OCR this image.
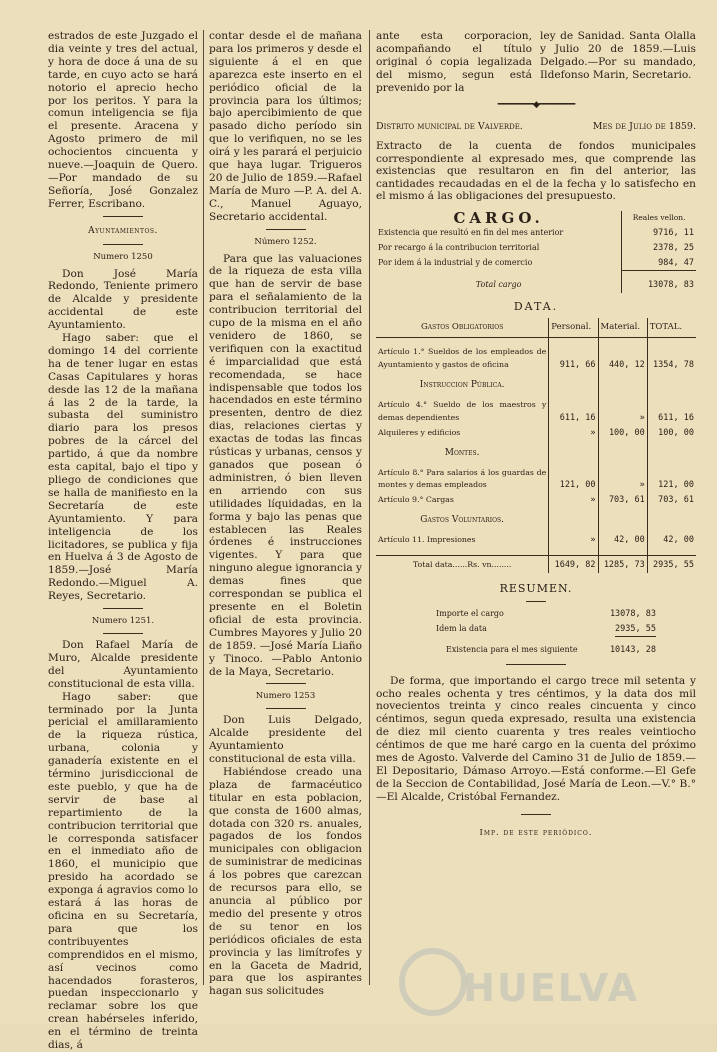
estrados de este Juzgado el dia veinte y tres del actual, y hora de doce á una de su tarde, en cuyo acto se hará notorio el aprecio hecho por los peritos. Y para la comun inteligencia se fija el presente. Aracena y Agosto primero de mil ochocientos cincuenta y nueve.—Joaquin de Quero. —Por mandado de su Señoría, José Gonzalez Ferrer, Escribano.

Ayuntamientos.

Numero 1250

Don José María Redondo, Teniente primero de Alcalde y presidente accidental de este Ayuntamiento.

Hago saber: que el domingo 14 del corriente ha de tener lugar en estas Casas Capitulares y horas desde las 12 de la mañana á las 2 de la tarde, la subasta del suministro diario para los presos pobres de la cárcel del partido, á que da nombre esta capital, bajo el tipo y pliego de condiciones que se halla de manifiesto en la Secretaría de este Ayuntamiento. Y para inteligencia de los licitadores, se publica y fija en Huelva á 3 de Agosto de 1859.—José María Redondo.—Miguel A. Reyes, Secretario.

Numero 1251.

Don Rafael María de Muro, Alcalde presidente del Ayuntamiento constitucional de esta villa.

Hago saber: que terminado por la Junta pericial el amillaramiento de la riqueza rústica, urbana, colonia y ganadería existente en el término jurisdiccional de este pueblo, y que ha de servir de base al repartimiento de la contribucion territorial que le corresponda satisfacer en el inmediato año de 1860, el municipio que presido ha acordado se exponga á agravios como lo estará á las horas de oficina en su Secretaría, para que los contribuyentes comprendidos en el mismo, así vecinos como hacendados forasteros, puedan inspeccionarlo y reclamar sobre los que crean habérseles inferido, en el término de treinta dias, á

contar desde el de mañana para los primeros y desde el siguiente á el en que aparezca este inserto en el periódico oficial de la provincia para los últimos; bajo apercibimiento de que pasado dicho período sin que lo verifiquen, no se les oirá y les parará el perjuicio que haya lugar. Trigueros 20 de Julio de 1859.—Rafael María de Muro —P. A. del A. C., Manuel Aguayo, Secretario accidental.

Número 1252.

Para que las valuaciones de la riqueza de esta villa que han de servir de base para el señalamiento de la contribucion territorial del cupo de la misma en el año venidero de 1860, se verifiquen con la exactitud é imparcialidad que está recomendada, se hace indispensable que todos los hacendados en este término presenten, dentro de diez dias, relaciones ciertas y exactas de todas las fincas rústicas y urbanas, censos y ganados que posean ó administren, ó bien lleven en arriendo con sus utilidades líquidadas, en la forma y bajo las penas que establecen las Reales órdenes é instrucciones vigentes. Y para que ninguno alegue ignorancia y demas fines que correspondan se publica el presente en el Boletin oficial de esta provincia. Cumbres Mayores y Julio 20 de 1859. —José María Liaño y Tinoco. —Pablo Antonio de la Maya, Secretario.

Numero 1253

Don Luis Delgado, Alcalde presidente del Ayuntamiento constitucional de esta villa.

Habiéndose creado una plaza de farmacéutico titular en esta poblacion, que consta de 1600 almas, dotada con 320 rs. anuales, pagados de los fondos municipales con obligacion de suministrar de medicinas á los pobres que carezcan de recursos para ello, se anuncia al público por medio del presente y otros de su tenor en los periódicos oficiales de esta provincia y las limítrofes y en la Gaceta de Madrid, para que los aspirantes hagan sus solicitudes

ante esta corporacion, acompañando el título original ó copia legalizada del mismo, segun está prevenido por la
ley de Sanidad. Santa Olalla y Julio 20 de 1859.—Luis Delgado.—Por su mandado, Ildefonso Marin, Secretario.
━━━━━━━━◆━━━━━━━━
Distrito municipal de Valverde.	Mes de Julio de 1859.

Extracto de la cuenta de fondos municipales correspondiente al expresado mes, que comprende las existencias que resultaron en fin del anterior, las cantidades recaudadas en el de la fecha y lo satisfecho en el mismo á las obligaciones del presupuesto.

CARGO.	Reales vellon.
Existencia que resultó en fin del mes anterior	9716, 11
Por recargo á la contribucion territorial	2378, 25
Por idem á la industrial y de comercio	984, 47
Total cargo	13078, 83
DATA.
Gastos Obligatorios	Personal.	Material.	TOTAL.
Artículo 1.° Sueldos de los empleados de Ayuntamiento y gastos de oficina	911, 66	440, 12	1354, 78
Instruccion Pública.			
Artículo 4.° Sueldo de los maestros y demas dependientes	611, 16	»	611, 16
Alquileres y edificios	»	100, 00	100, 00
Montes.			
Artículo 8.° Para salarios á los guardas de montes y demas empleados	121, 00	»	121, 00
Artículo 9.° Cargas	»	703, 61	703, 61
Gastos Voluntarios.			
Artículo 11. Impresiones	»	42, 00	42, 00
Total data......Rs. vn........	1649, 82	1285, 73	2935, 55
RESUMEN.
Importe el cargo	13078, 83
Idem la data	2935, 55
Existencia para el mes siguiente	10143, 28

De forma, que importando el cargo trece mil setenta y ocho reales ochenta y tres céntimos, y la data dos mil novecientos treinta y cinco reales cincuenta y cinco céntimos, segun queda expresado, resulta una existencia de diez mil ciento cuarenta y tres reales veintiocho céntimos de que me haré cargo en la cuenta del próximo mes de Agosto. Valverde del Camino 31 de Julio de 1859.—El Depositario, Dámaso Arroyo.—Está conforme.—El Gefe de la Seccion de Contabilidad, José María de Leon.—V.° B.°—El Alcalde, Cristóbal Fernandez.

Imp. de este periódico.

HUELVA
